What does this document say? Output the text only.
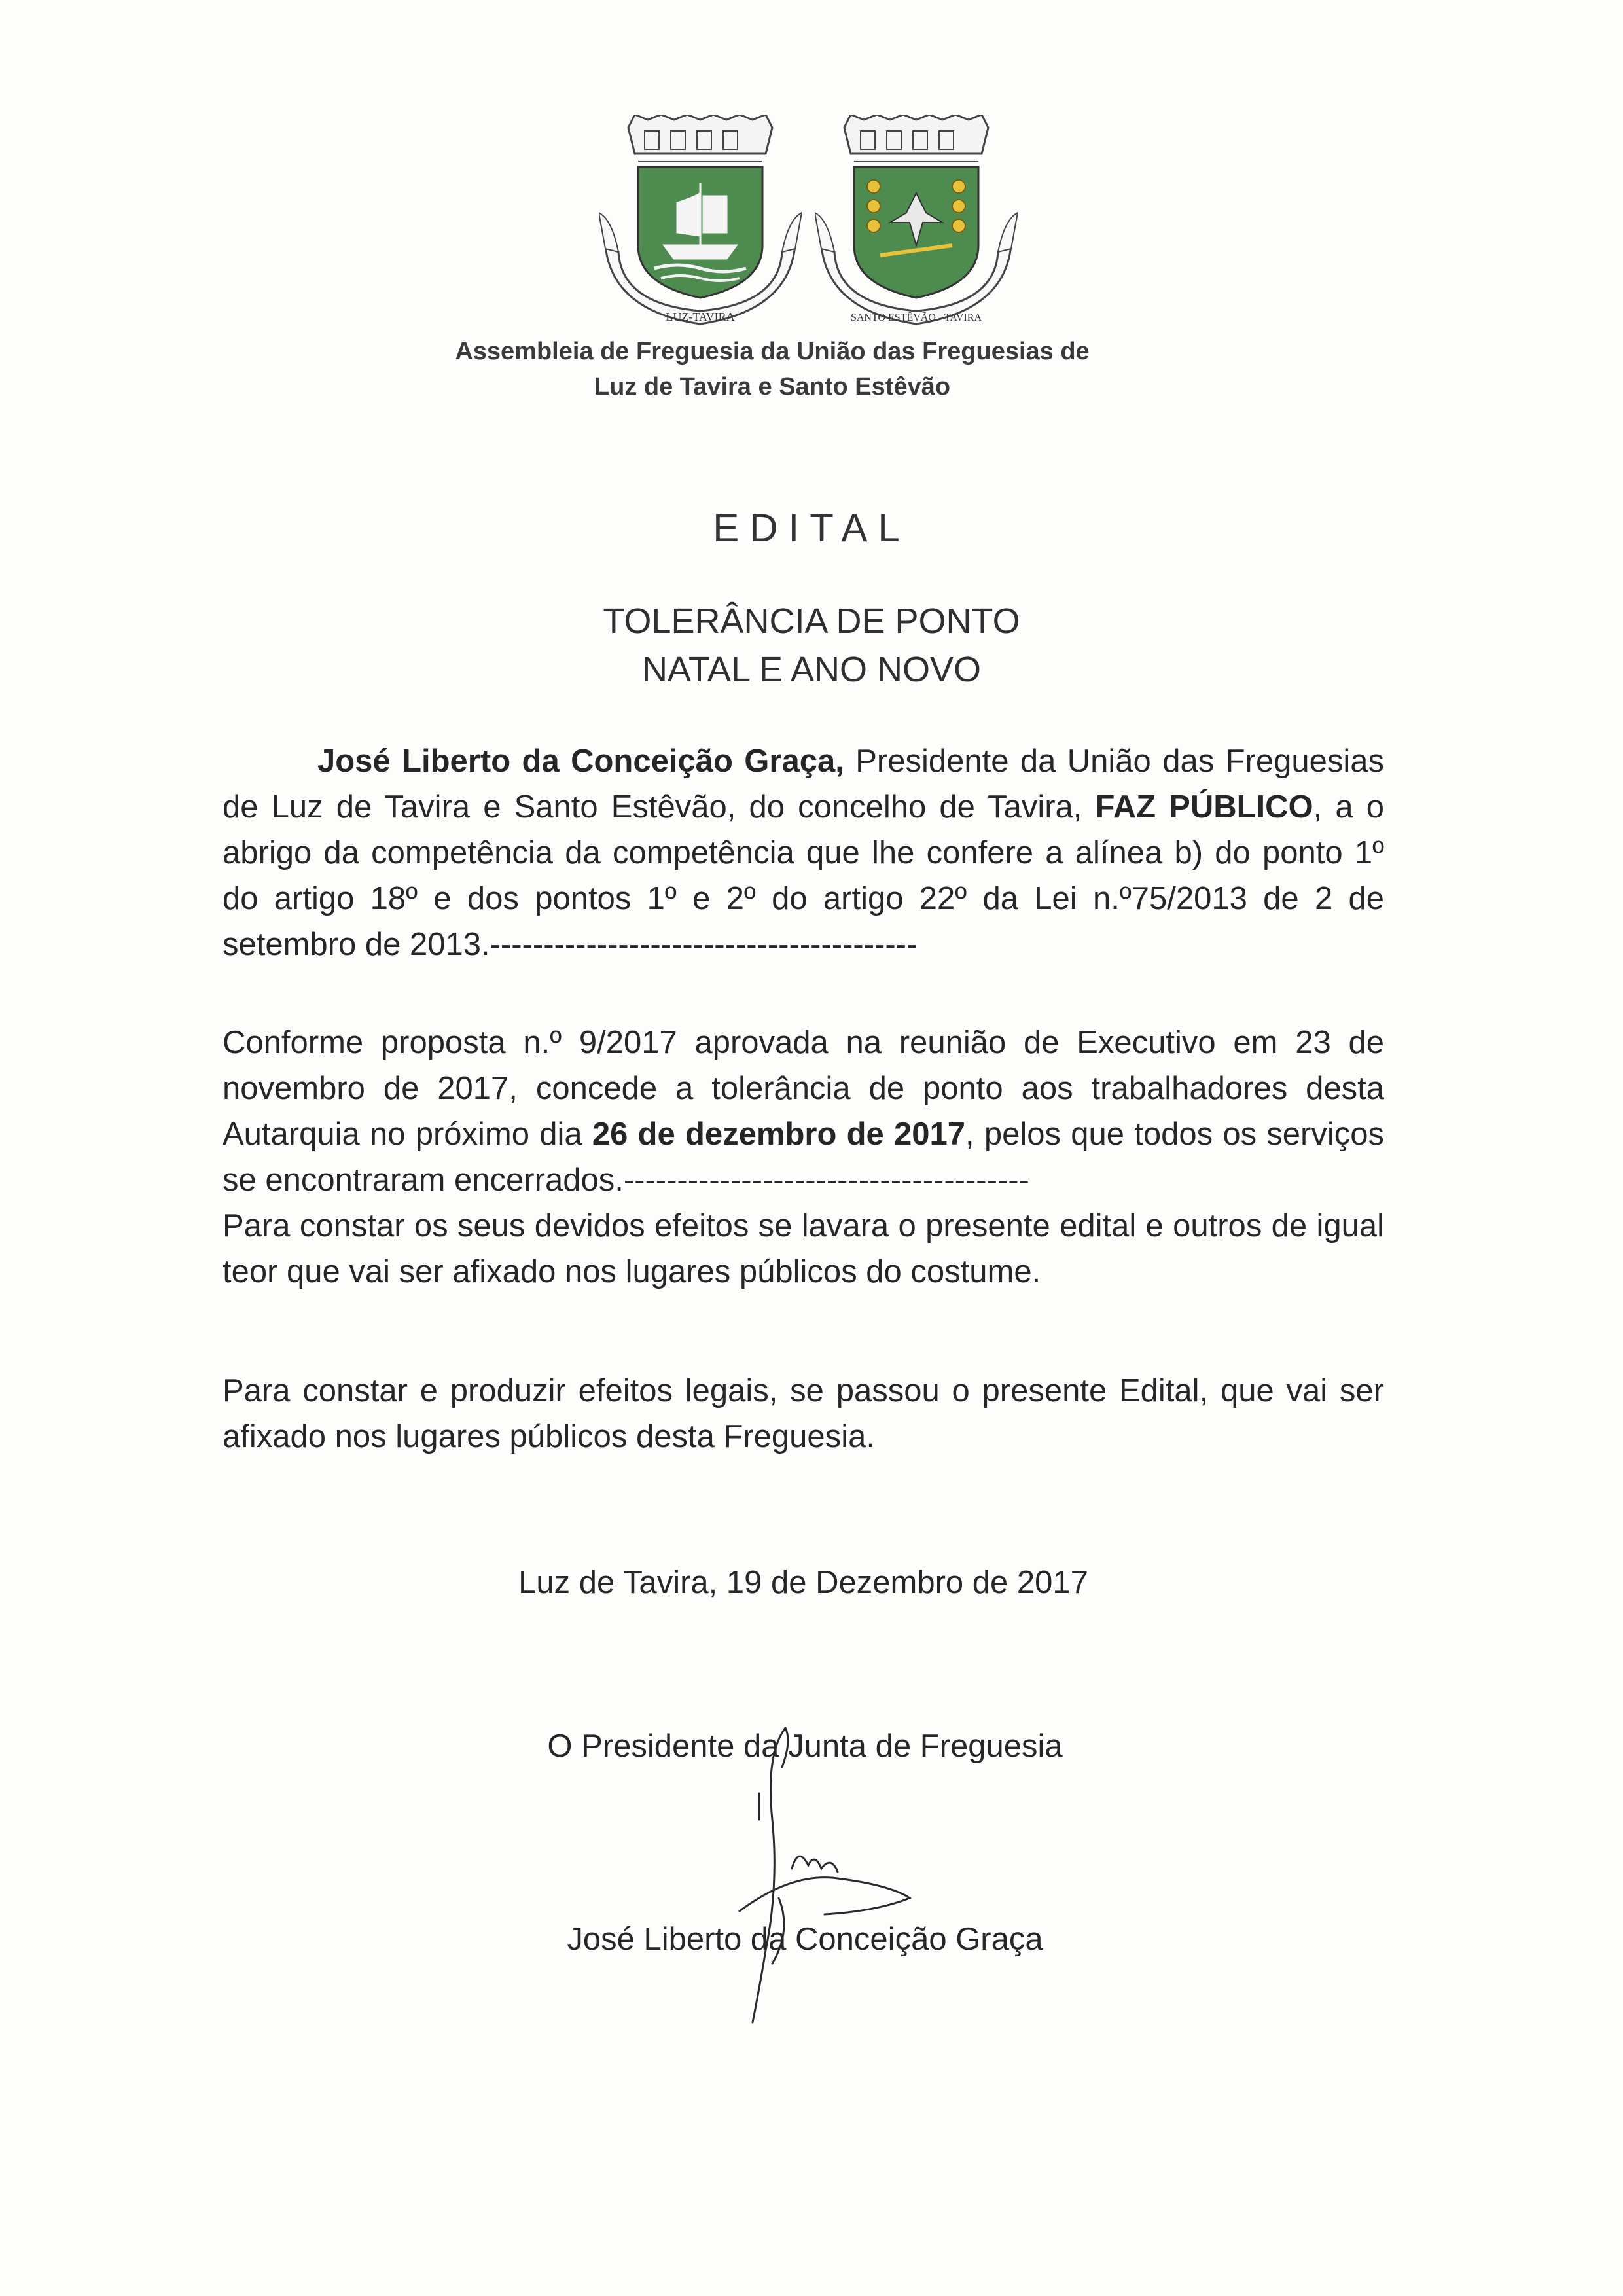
LUZ-TAVIRA	SANTO ESTÊVÃO - TAVIRA
Assembleia de Freguesia da União das Freguesias de
Luz de Tavira e Santo Estêvão
EDITAL
TOLERÂNCIA DE PONTO
NATAL E ANO NOVO
José Liberto da Conceição Graça, Presidente da União das Freguesias de Luz de Tavira e Santo Estêvão, do concelho de Tavira, FAZ PÚBLICO, a o abrigo da competência da competência que lhe confere a alínea b) do ponto 1º do artigo 18º e dos pontos 1º e 2º do artigo 22º da Lei n.º75/2013 de 2 de setembro de 2013.----------------------------------------
Conforme proposta n.º 9/2017 aprovada na reunião de Executivo em 23 de novembro de 2017, concede a tolerância de ponto aos trabalhadores desta Autarquia no próximo dia 26 de dezembro de 2017, pelos que todos os serviços se encontraram encerrados.--------------------------------------
Para constar os seus devidos efeitos se lavara o presente edital e outros de igual teor que vai ser afixado nos lugares públicos do costume.
Para constar e produzir efeitos legais, se passou o presente Edital, que vai ser afixado nos lugares públicos desta Freguesia.
Luz de Tavira, 19 de Dezembro de 2017
O Presidente da Junta de Freguesia
José Liberto da Conceição Graça
